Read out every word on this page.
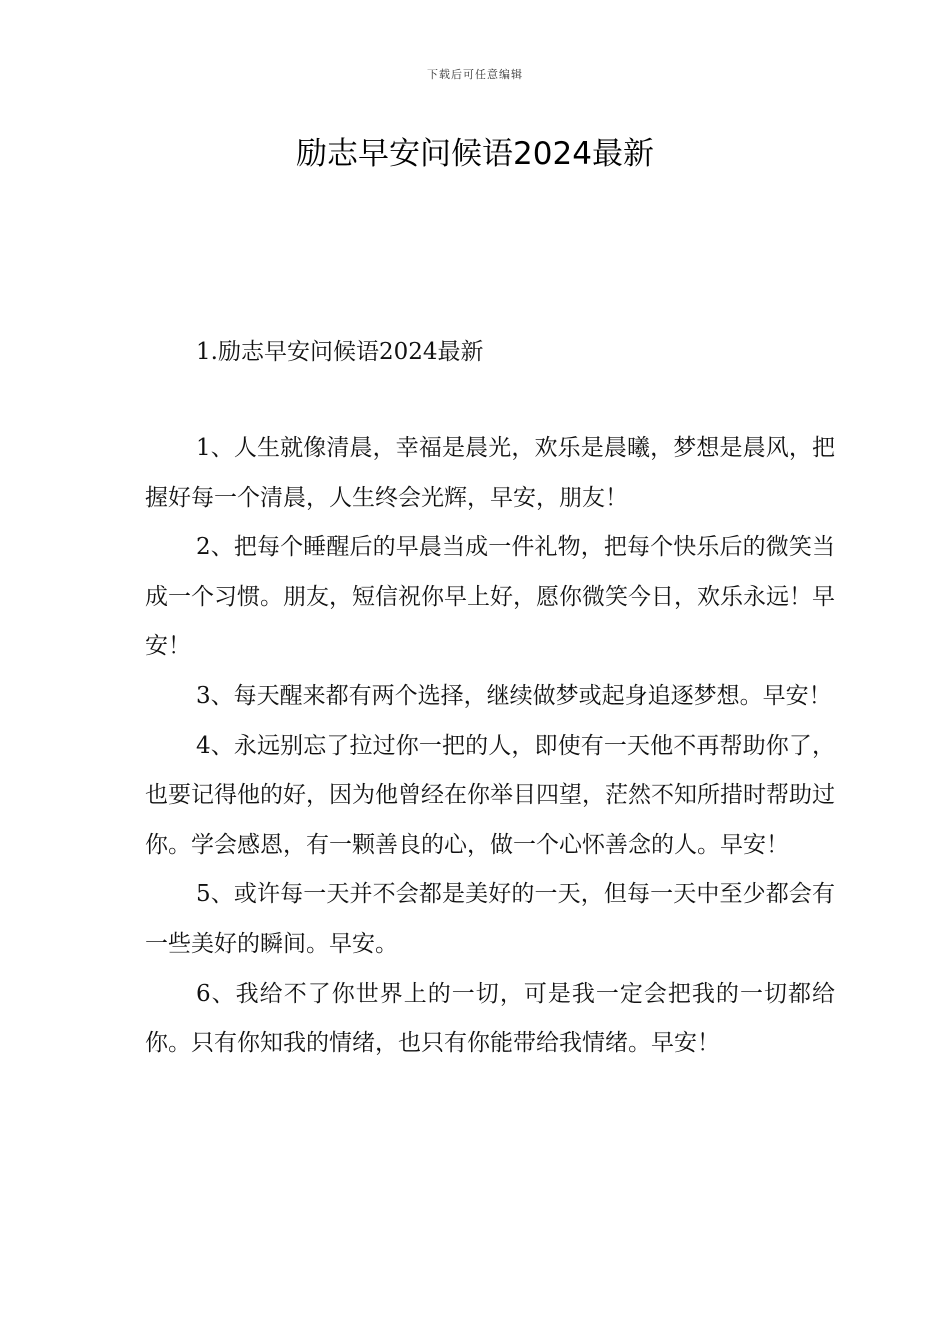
下载后可任意编辑
励志早安问候语2024最新
1.励志早安问候语2024最新

1、人生就像清晨，幸福是晨光，欢乐是晨曦，梦想是晨风，把握好每一个清晨，人生终会光辉，早安，朋友！

2、把每个睡醒后的早晨当成一件礼物，把每个快乐后的微笑当成一个习惯。朋友，短信祝你早上好，愿你微笑今日，欢乐永远！早安！

3、每天醒来都有两个选择，继续做梦或起身追逐梦想。早安！

4、永远别忘了拉过你一把的人，即使有一天他不再帮助你了，也要记得他的好，因为他曾经在你举目四望，茫然不知所措时帮助过你。学会感恩，有一颗善良的心，做一个心怀善念的人。早安！

5、或许每一天并不会都是美好的一天，但每一天中至少都会有一些美好的瞬间。早安。

6、我给不了你世界上的一切，可是我一定会把我的一切都给你。只有你知我的情绪，也只有你能带给我情绪。早安！
